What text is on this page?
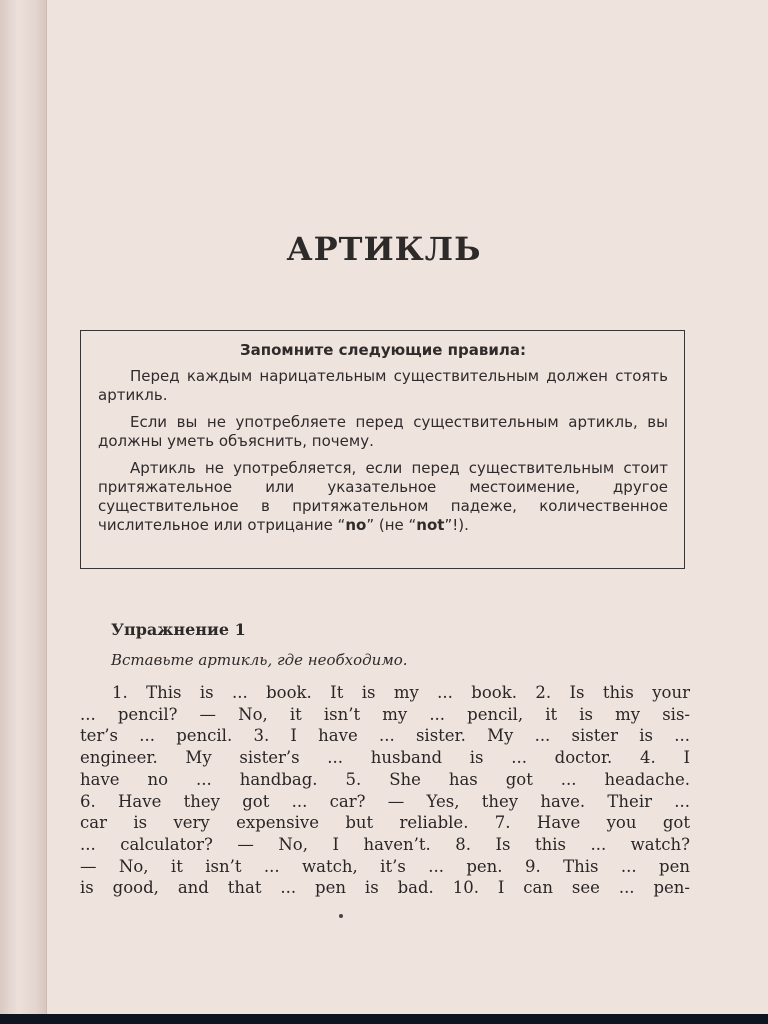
АРТИКЛЬ

Запомните следующие правила:

Перед каждым нарицательным существительным должен стоять артикль.

Если вы не употребляете перед существительным артикль, вы должны уметь объяснить, почему.

Артикль не употребляется, если перед существительным стоит притяжательное или указательное местоимение, другое существительное в притяжательном падеже, количественное числительное или отрицание “no” (не “not”!).

Упражнение 1
Вставьте артикль, где необходимо.
1. This is ... book. It is my ... book. 2. Is this your
... pencil? — No, it isn’t my ... pencil, it is my sis-
ter’s ... pencil. 3. I have ... sister. My ... sister is ...
engineer. My sister’s ... husband is ... doctor. 4. I
have no ... handbag. 5. She has got ... headache.
6. Have they got ... car? — Yes, they have. Their ...
car is very expensive but reliable. 7. Have you got
... calculator? — No, I haven’t. 8. Is this ... watch?
— No, it isn’t ... watch, it’s ... pen. 9. This ... pen
is good, and that ... pen is bad. 10. I can see ... pen-
